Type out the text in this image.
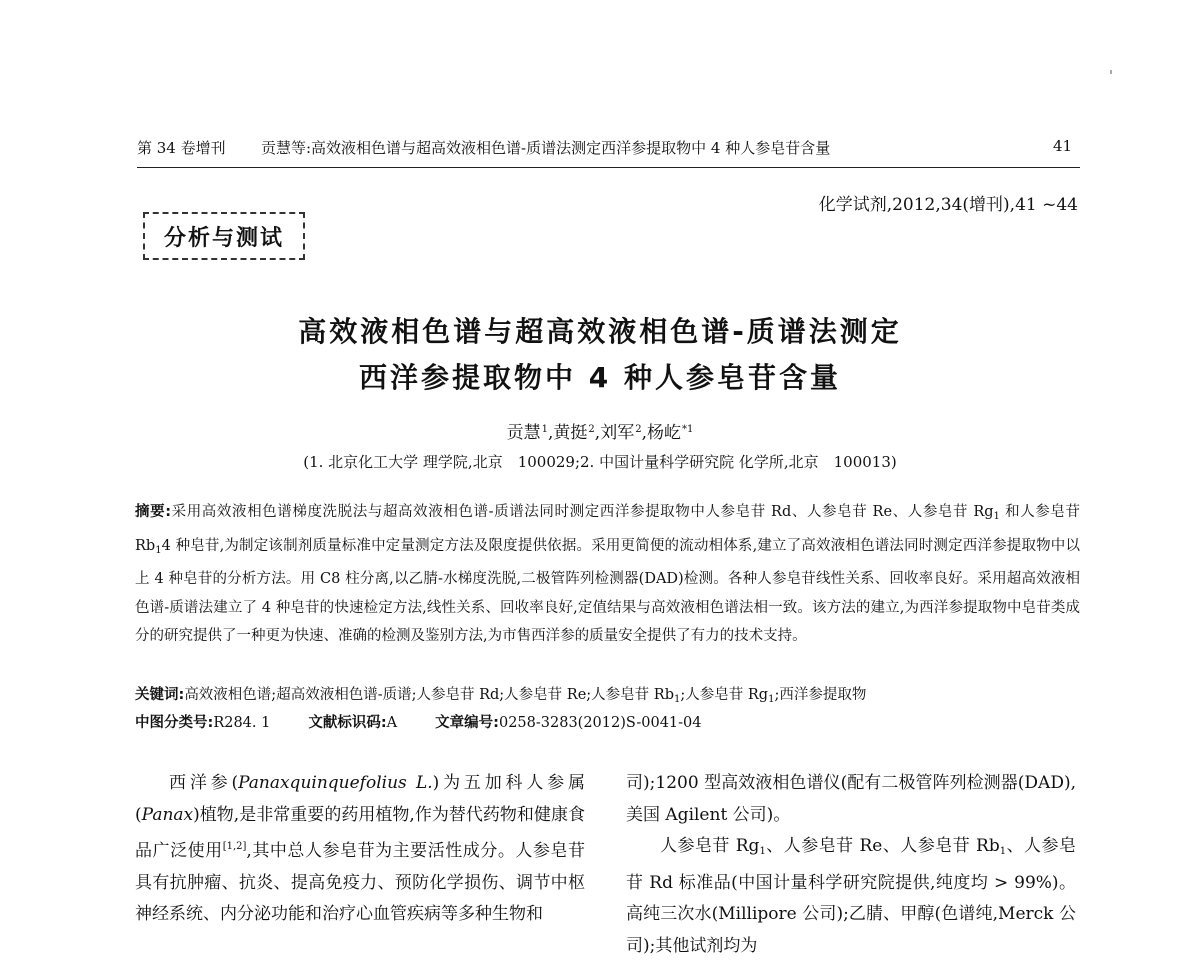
第 34 卷增刊 贡慧等:高效液相色谱与超高效液相色谱-质谱法测定西洋参提取物中 4 种人参皂苷含量	41
化学试剂,2012,34(增刊),41 ~44
分析与测试
高效液相色谱与超高效液相色谱-质谱法测定
西洋参提取物中 4 种人参皂苷含量
贡慧$^1$,黄挺$^2$,刘军$^2$,杨屹$^{*1}$
(1. 北京化工大学 理学院,北京　100029;2. 中国计量科学研究院 化学所,北京　100013)
摘要:采用高效液相色谱梯度洗脱法与超高效液相色谱-质谱法同时测定西洋参提取物中人参皂苷 Rd、人参皂苷 Re、人参皂苷 $Rg_1$ 和人参皂苷 $Rb_14$ 种皂苷,为制定该制剂质量标准中定量测定方法及限度提供依据。采用更简便的流动相体系,建立了高效液相色谱法同时测定西洋参提取物中以上 4 种皂苷的分析方法。用 C8 柱分离,以乙腈-水梯度洗脱,二极管阵列检测器(DAD)检测。各种人参皂苷线性关系、回收率良好。采用超高效液相色谱-质谱法建立了 4 种皂苷的快速检定方法,线性关系、回收率良好,定值结果与高效液相色谱法相一致。该方法的建立,为西洋参提取物中皂苷类成分的研究提供了一种更为快速、准确的检测及鉴别方法,为市售西洋参的质量安全提供了有力的技术支持。
关键词:高效液相色谱;超高效液相色谱-质谱;人参皂苷 Rd;人参皂苷 Re;人参皂苷 $Rb_1$;人参皂苷 $Rg_1$;西洋参提取物
中图分类号:R284. 1	文献标识码:A	文章编号:0258-3283(2012)S-0041-04

西洋参(Panaxquinquefolius L.)为五加科人参属(Panax)植物,是非常重要的药用植物,作为替代药物和健康食品广泛使用[1,2],其中总人参皂苷为主要活性成分。人参皂苷具有抗肿瘤、抗炎、提高免疫力、预防化学损伤、调节中枢神经系统、内分泌功能和治疗心血管疾病等多种生物和

司);1200 型高效液相色谱仪(配有二极管阵列检测器(DAD),美国 Agilent 公司)。

人参皂苷 $Rg_1$、人参皂苷 Re、人参皂苷 $Rb_1$、人参皂苷 Rd 标准品(中国计量科学研究院提供,纯度均 > 99%)。高纯三次水(Millipore 公司);乙腈、甲醇(色谱纯,Merck 公司);其他试剂均为
